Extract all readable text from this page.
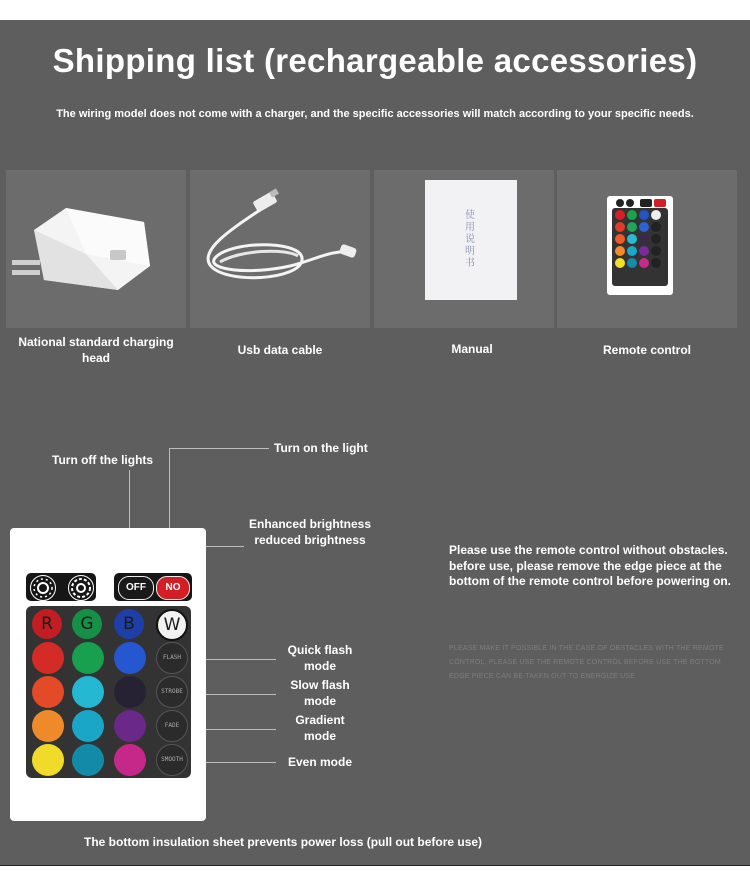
Shipping list (rechargeable accessories)
The wiring model does not come with a charger, and the specific accessories will match according to your specific needs.
使用说明书
National standard charging head
Usb data cable	Manual	Remote control
Turn off the lights
Turn on the light
Enhanced brightness
reduced brightness
Quick flash mode
Slow flash mode
Gradient mode
Even mode
OFF	NO
R	G	B	W
FLASH
STROBE
FADE
SMOOTH
Please use the remote control without obstacles. before use, please remove the edge piece at the bottom of the remote control before powering on.
PLEASE MAKE IT POSSIBLE IN THE CASE OF OBSTACLES WITH THE REMOTE CONTROL, PLEASE USE THE REMOTE CONTROL BEFORE USE THE BOTTOM EDGE PIECE CAN BE TAKEN OUT TO ENERGIZE USE
The bottom insulation sheet prevents power loss (pull out before use)
